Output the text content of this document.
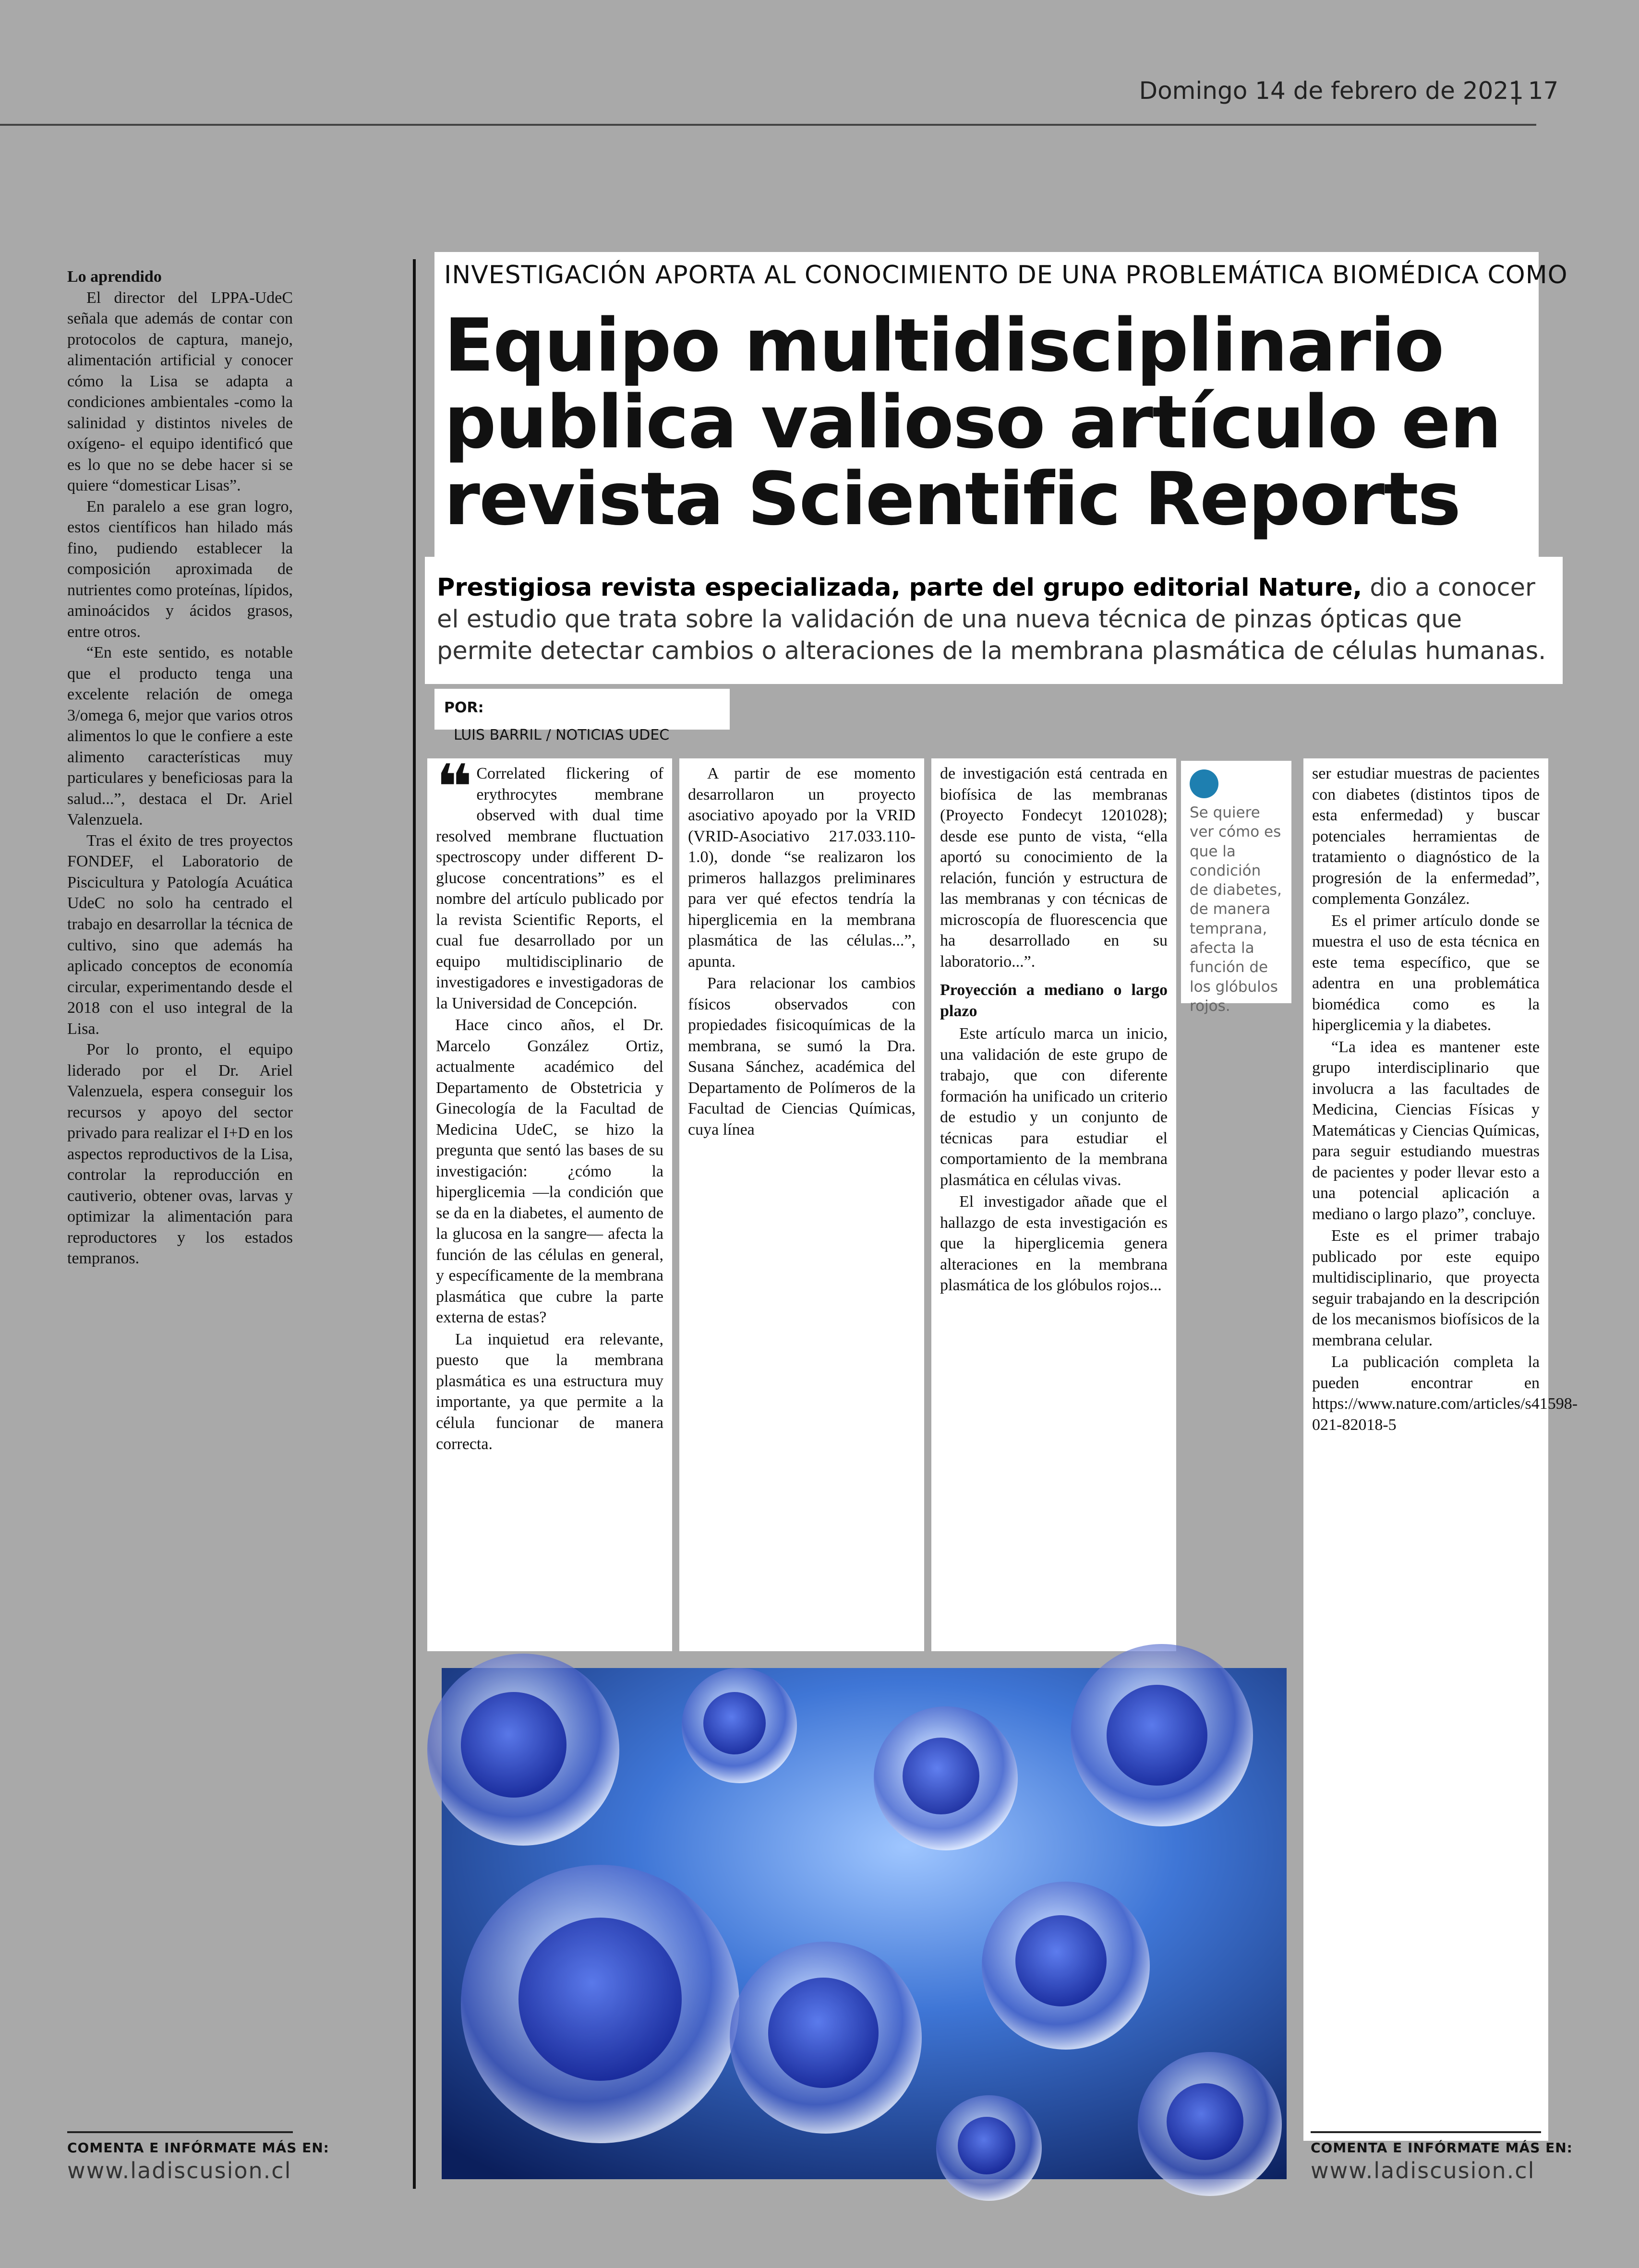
Domingo 14 de febrero de 2021
| 17
Lo aprendido

El director del LPPA-UdeC señala que además de contar con protocolos de captura, manejo, alimentación artificial y conocer cómo la Lisa se adapta a condiciones ambientales -como la salinidad y distintos niveles de oxígeno- el equipo identificó que es lo que no se debe hacer si se quiere “domesticar Lisas”.

En paralelo a ese gran logro, estos científicos han hilado más fino, pudiendo establecer la composición aproximada de nutrientes como proteínas, lípidos, aminoácidos y ácidos grasos, entre otros.

“En este sentido, es notable que el producto tenga una excelente relación de omega 3/omega 6, mejor que varios otros alimentos lo que le confiere a este alimento características muy particulares y beneficiosas para la salud...”, destaca el Dr. Ariel Valenzuela.

Tras el éxito de tres proyectos FONDEF, el Laboratorio de Piscicultura y Patología Acuática UdeC no solo ha centrado el trabajo en desarrollar la técnica de cultivo, sino que además ha aplicado conceptos de economía circular, experimentando desde el 2018 con el uso integral de la Lisa.

Por lo pronto, el equipo liderado por el Dr. Ariel Valenzuela, espera conseguir los recursos y apoyo del sector privado para realizar el I+D en los aspectos reproductivos de la Lisa, controlar la reproducción en cautiverio, obtener ovas, larvas y optimizar la alimentación para reproductores y los estados tempranos.

COMENTA E INFÓRMATE MÁS EN:
www.ladiscusion.cl
INVESTIGACIÓN APORTA AL CONOCIMIENTO DE UNA PROBLEMÁTICA BIOMÉDICA COMO
Equipo multidisciplinario publica valioso artículo en revista Scientific Reports

Prestigiosa revista especializada, parte del grupo editorial Nature, dio a conocer el estudio que trata sobre la validación de una nueva técnica de pinzas ópticas que permite detectar cambios o alteraciones de la membrana plasmática de células humanas.

POR:
LUIS BARRIL / NOTICIAS UDEC
❝ Correlated flickering of erythrocytes membrane observed with dual time resolved membrane fluctuation spectroscopy under different D-glucose concentrations” es el nombre del artículo publicado por la revista Scientific Reports, el cual fue desarrollado por un equipo multidisciplinario de investigadores e investigadoras de la Universidad de Concepción.

Hace cinco años, el Dr. Marcelo González Ortiz, actualmente académico del Departamento de Obstetricia y Ginecología de la Facultad de Medicina UdeC, se hizo la pregunta que sentó las bases de su investigación: ¿cómo la hiperglicemia —la condición que se da en la diabetes, el aumento de la glucosa en la sangre— afecta la función de las células en general, y específicamente de la membrana plasmática que cubre la parte externa de estas?

La inquietud era relevante, puesto que la membrana plasmática es una estructura muy importante, ya que permite a la célula funcionar de manera correcta.

A partir de ese momento desarrollaron un proyecto asociativo apoyado por la VRID (VRID-Asociativo 217.033.110-1.0), donde “se realizaron los primeros hallazgos preliminares para ver qué efectos tendría la hiperglicemia en la membrana plasmática de las células...”, apunta.

Para relacionar los cambios físicos observados con propiedades fisicoquímicas de la membrana, se sumó la Dra. Susana Sánchez, académica del Departamento de Polímeros de la Facultad de Ciencias Químicas, cuya línea

de investigación está centrada en biofísica de las membranas (Proyecto Fondecyt 1201028); desde ese punto de vista, “ella aportó su conocimiento de la relación, función y estructura de las membranas y con técnicas de microscopía de fluorescencia que ha desarrollado en su laboratorio...”.

Proyección a mediano o largo plazo

Este artículo marca un inicio, una validación de este grupo de trabajo, que con diferente formación ha unificado un criterio de estudio y un conjunto de técnicas para estudiar el comportamiento de la membrana plasmática en células vivas.

El investigador añade que el hallazgo de esta investigación es que la hiperglicemia genera alteraciones en la membrana plasmática de los glóbulos rojos...

Se quiere ver cómo es que la condición de diabetes, de manera temprana, afecta la función de los glóbulos rojos.

ser estudiar muestras de pacientes con diabetes (distintos tipos de esta enfermedad) y buscar potenciales herramientas de tratamiento o diagnóstico de la progresión de la enfermedad”, complementa González.

Es el primer artículo donde se muestra el uso de esta técnica en este tema específico, que se adentra en una problemática biomédica como es la hiperglicemia y la diabetes.

“La idea es mantener este grupo interdisciplinario que involucra a las facultades de Medicina, Ciencias Físicas y Matemáticas y Ciencias Químicas, para seguir estudiando muestras de pacientes y poder llevar esto a una potencial aplicación a mediano o largo plazo”, concluye.

Este es el primer trabajo publicado por este equipo multidisciplinario, que proyecta seguir trabajando en la descripción de los mecanismos biofísicos de la membrana celular.

La publicación completa la pueden encontrar en https://www.nature.com/articles/s41598-021-82018-5

COMENTA E INFÓRMATE MÁS EN:
www.ladiscusion.cl
